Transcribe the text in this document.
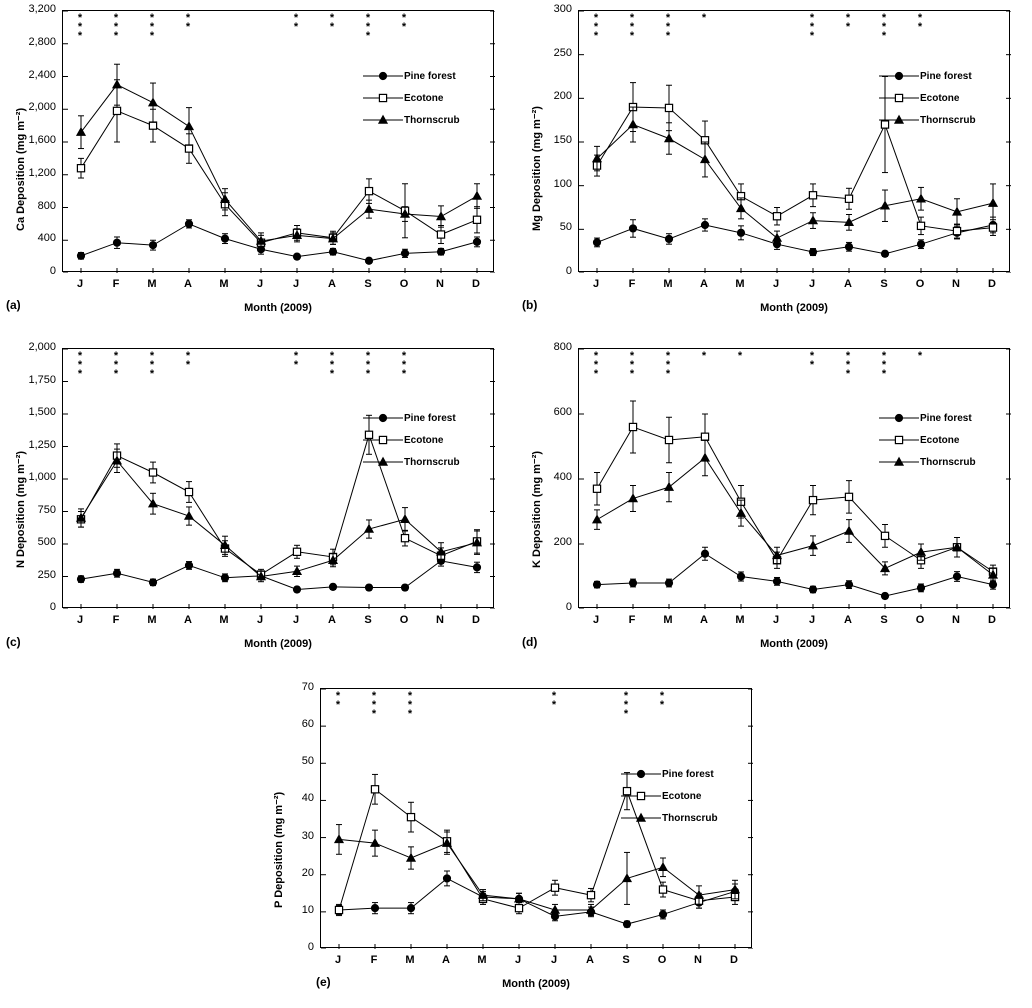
0
400
800
1,200
1,600
2,000
2,400
2,800
3,200
J	F	M	A	M	J	J	A	S	O	N	D
*
*
*
*
*
*
*
*
*
*
*
*
*
*
*
*
*
*
*
*
Ca Deposition (mg m⁻²)
Month (2009)
(a)
Pine forest
Ecotone
Thornscrub
0
50
100
150
200
250
300
J	F	M	A	M	J	J	A	S	O	N	D
*
*
*
*
*
*
*
*
*
*	*
*
*
*
*
*
*
*
*
*
Mg Deposition (mg m⁻²)
Month (2009)
(b)
Pine forest
Ecotone
Thornscrub
0
250
500
750
1,000
1,250
1,500
1,750
2,000
J	F	M	A	M	J	J	A	S	O	N	D
*
*
*
*
*
*
*
*
*
*
*
*
*
*
*
*
*
*
*
*
*
*
N Deposition (mg m⁻²)
Month (2009)
(c)
Pine forest
Ecotone
Thornscrub
0
200
400
600
800
J	F	M	A	M	J	J	A	S	O	N	D
*
*
*
*
*
*
*
*
*
*	*	*
*
*
*
*
*
*
*
*
K Deposition (mg m⁻²)
Month (2009)
(d)
Pine forest
Ecotone
Thornscrub
0
10
20
30
40
50
60
70
J	F	M	A	M	J	J	A	S	O	N	D
*
*
*
*
*
*
*
*
*
*
*
*
*
*
*
P Deposition (mg m⁻²)
Month (2009)
(e)
Pine forest
Ecotone
Thornscrub
